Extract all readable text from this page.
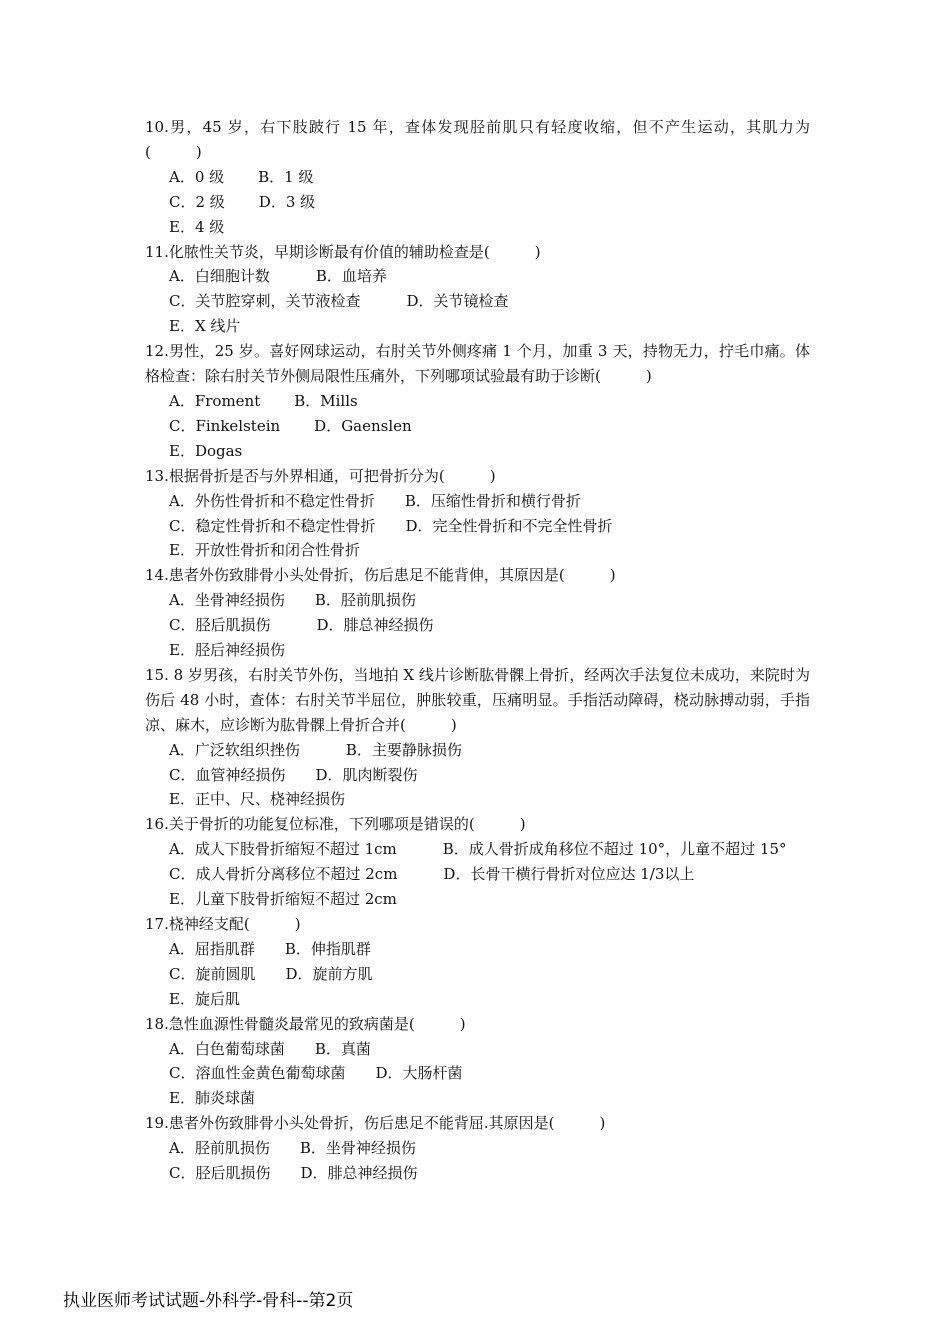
10.男，45 岁，右下肢跛行 15 年，查体发现胫前肌只有轻度收缩，但不产生运动，其肌力为(　　　)
A．0 级 B．1 级
C．2 级 D．3 级
E．4 级
11.化脓性关节炎，早期诊断最有价值的辅助检查是(　　　)
A．白细胞计数	B．血培养
C．关节腔穿刺，关节液检查	D．关节镜检查
E．X 线片
12.男性，25 岁。喜好网球运动，右肘关节外侧疼痛 1 个月，加重 3 天，持物无力，拧毛巾痛。体格检查：除右肘关节外侧局限性压痛外，下列哪项试验最有助于诊断(　　　)
A．Froment B．Mills
C．Finkelstein D．Gaenslen
E．Dogas
13.根据骨折是否与外界相通，可把骨折分为(　　　)
A．外伤性骨折和不稳定性骨折 B．压缩性骨折和横行骨折
C．稳定性骨折和不稳定性骨折 D．完全性骨折和不完全性骨折
E．开放性骨折和闭合性骨折
14.患者外伤致腓骨小头处骨折，伤后患足不能背伸，其原因是(　　　)
A．坐骨神经损伤 B．胫前肌损伤
C．胫后肌损伤	D．腓总神经损伤
E．胫后神经损伤
15. 8 岁男孩，右肘关节外伤，当地拍 X 线片诊断肱骨髁上骨折，经两次手法复位未成功，来院时为伤后 48 小时，查体：右肘关节半屈位，肿胀较重，压痛明显。手指活动障碍，桡动脉搏动弱，手指凉、麻木，应诊断为肱骨髁上骨折合并(　　　)
A．广泛软组织挫伤	B．主要静脉损伤
C．血管神经损伤 D．肌肉断裂伤
E．正中、尺、桡神经损伤
16.关于骨折的功能复位标准，下列哪项是错误的(　　　)
A．成人下肢骨折缩短不超过 1cm	B．成人骨折成角移位不超过 10°，儿童不超过 15°
C．成人骨折分离移位不超过 2cm	D．长骨干横行骨折对位应达 1/3以上
E．儿童下肢骨折缩短不超过 2cm
17.桡神经支配(　　　)
A．屈指肌群 B．伸指肌群
C．旋前圆肌 D．旋前方肌
E．旋后肌
18.急性血源性骨髓炎最常见的致病菌是(　　　)
A．白色葡萄球菌 B．真菌
C．溶血性金黄色葡萄球菌 D．大肠杆菌
E．肺炎球菌
19.患者外伤致腓骨小头处骨折，伤后患足不能背屈.其原因是(　　　)
A．胫前肌损伤 B．坐骨神经损伤
C．胫后肌损伤 D．腓总神经损伤
执业医师考试试题-外科学-骨科--第2页
